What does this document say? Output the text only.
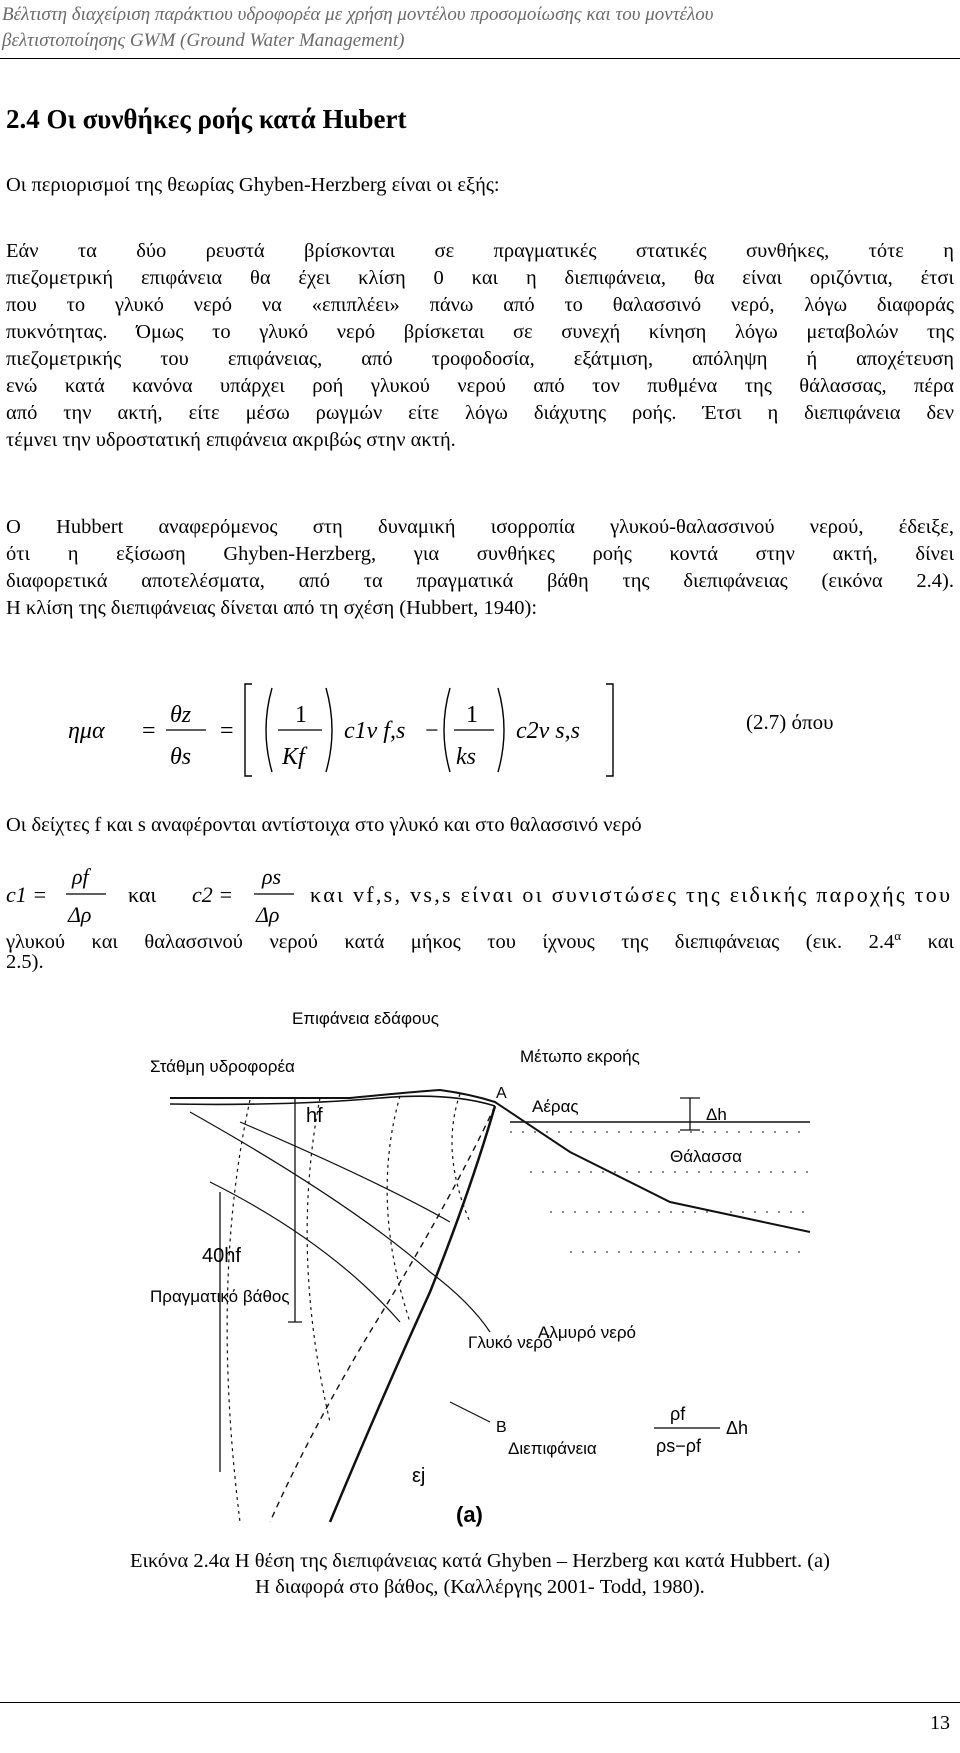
Βέλτιστη διαχείριση παράκτιου υδροφορέα με χρήση μοντέλου προσομοίωσης και του μοντέλου
βελτιστοποίησης GWM (Ground Water Management)
2.4 Οι συνθήκες ροής κατά Hubert

Οι περιορισμοί της θεωρίας Ghyben-Herzberg είναι οι εξής:

Εάν τα δύο ρευστά βρίσκονται σε πραγματικές στατικές συνθήκες, τότε η
πιεζομετρική επιφάνεια θα έχει κλίση 0 και η διεπιφάνεια, θα είναι οριζόντια, έτσι
που το γλυκό νερό να «επιπλέει» πάνω από το θαλασσινό νερό, λόγω διαφοράς
πυκνότητας. Όμως το γλυκό νερό βρίσκεται σε συνεχή κίνηση λόγω μεταβολών της
πιεζομετρικής του επιφάνειας, από τροφοδοσία, εξάτμιση, απόληψη ή αποχέτευση
ενώ κατά κανόνα υπάρχει ροή γλυκού νερού από τον πυθμένα της θάλασσας, πέρα
από την ακτή, είτε μέσω ρωγμών είτε λόγω διάχυτης ροής. Έτσι η διεπιφάνεια δεν
τέμνει την υδροστατική επιφάνεια ακριβώς στην ακτή.
O Hubbert αναφερόμενος στη δυναμική ισορροπία γλυκού-θαλασσινού νερού, έδειξε,
ότι η εξίσωση Ghyben-Herzberg, για συνθήκες ροής κοντά στην ακτή, δίνει
διαφορετικά αποτελέσματα, από τα πραγματικά βάθη της διεπιφάνειας (εικόνα 2.4).
Η κλίση της διεπιφάνειας δίνεται από τη σχέση (Hubbert, 1940):
ημα =
θz
θs
=
1
Kf
c1v f,s −
1
ks
c2v s,s	(2.7) όπου

Οι δείχτες f και s αναφέρονται αντίστοιχα στο γλυκό και στο θαλασσινό νερό

c1 =
ρf
Δρ
και c2 =
ρs
Δρ
και vf,s, vs,s είναι οι συνιστώσες της ειδικής παροχής του
γλυκού και θαλασσινού νερού κατά μήκος του ίχνους της διεπιφάνειας (εικ. $2.4^\alpha$ και
2.5).
Επιφάνεια εδάφους
Μέτωπο εκροής
Στάθμη υδροφορέα
A
Δh
hf	Αέρας
Θάλασσα
40hf
Πραγματικό βάθος
Γλυκό νερό
Αλμυρό νερό
B
Διεπιφάνεια
ρf
ρs−ρf
Δh
εj
(a)
Εικόνα 2.4α Η θέση της διεπιφάνειας κατά Ghyben – Herzberg και κατά Hubbert. (a)
Η διαφορά στο βάθος, (Καλλέργης 2001- Todd, 1980).
13
